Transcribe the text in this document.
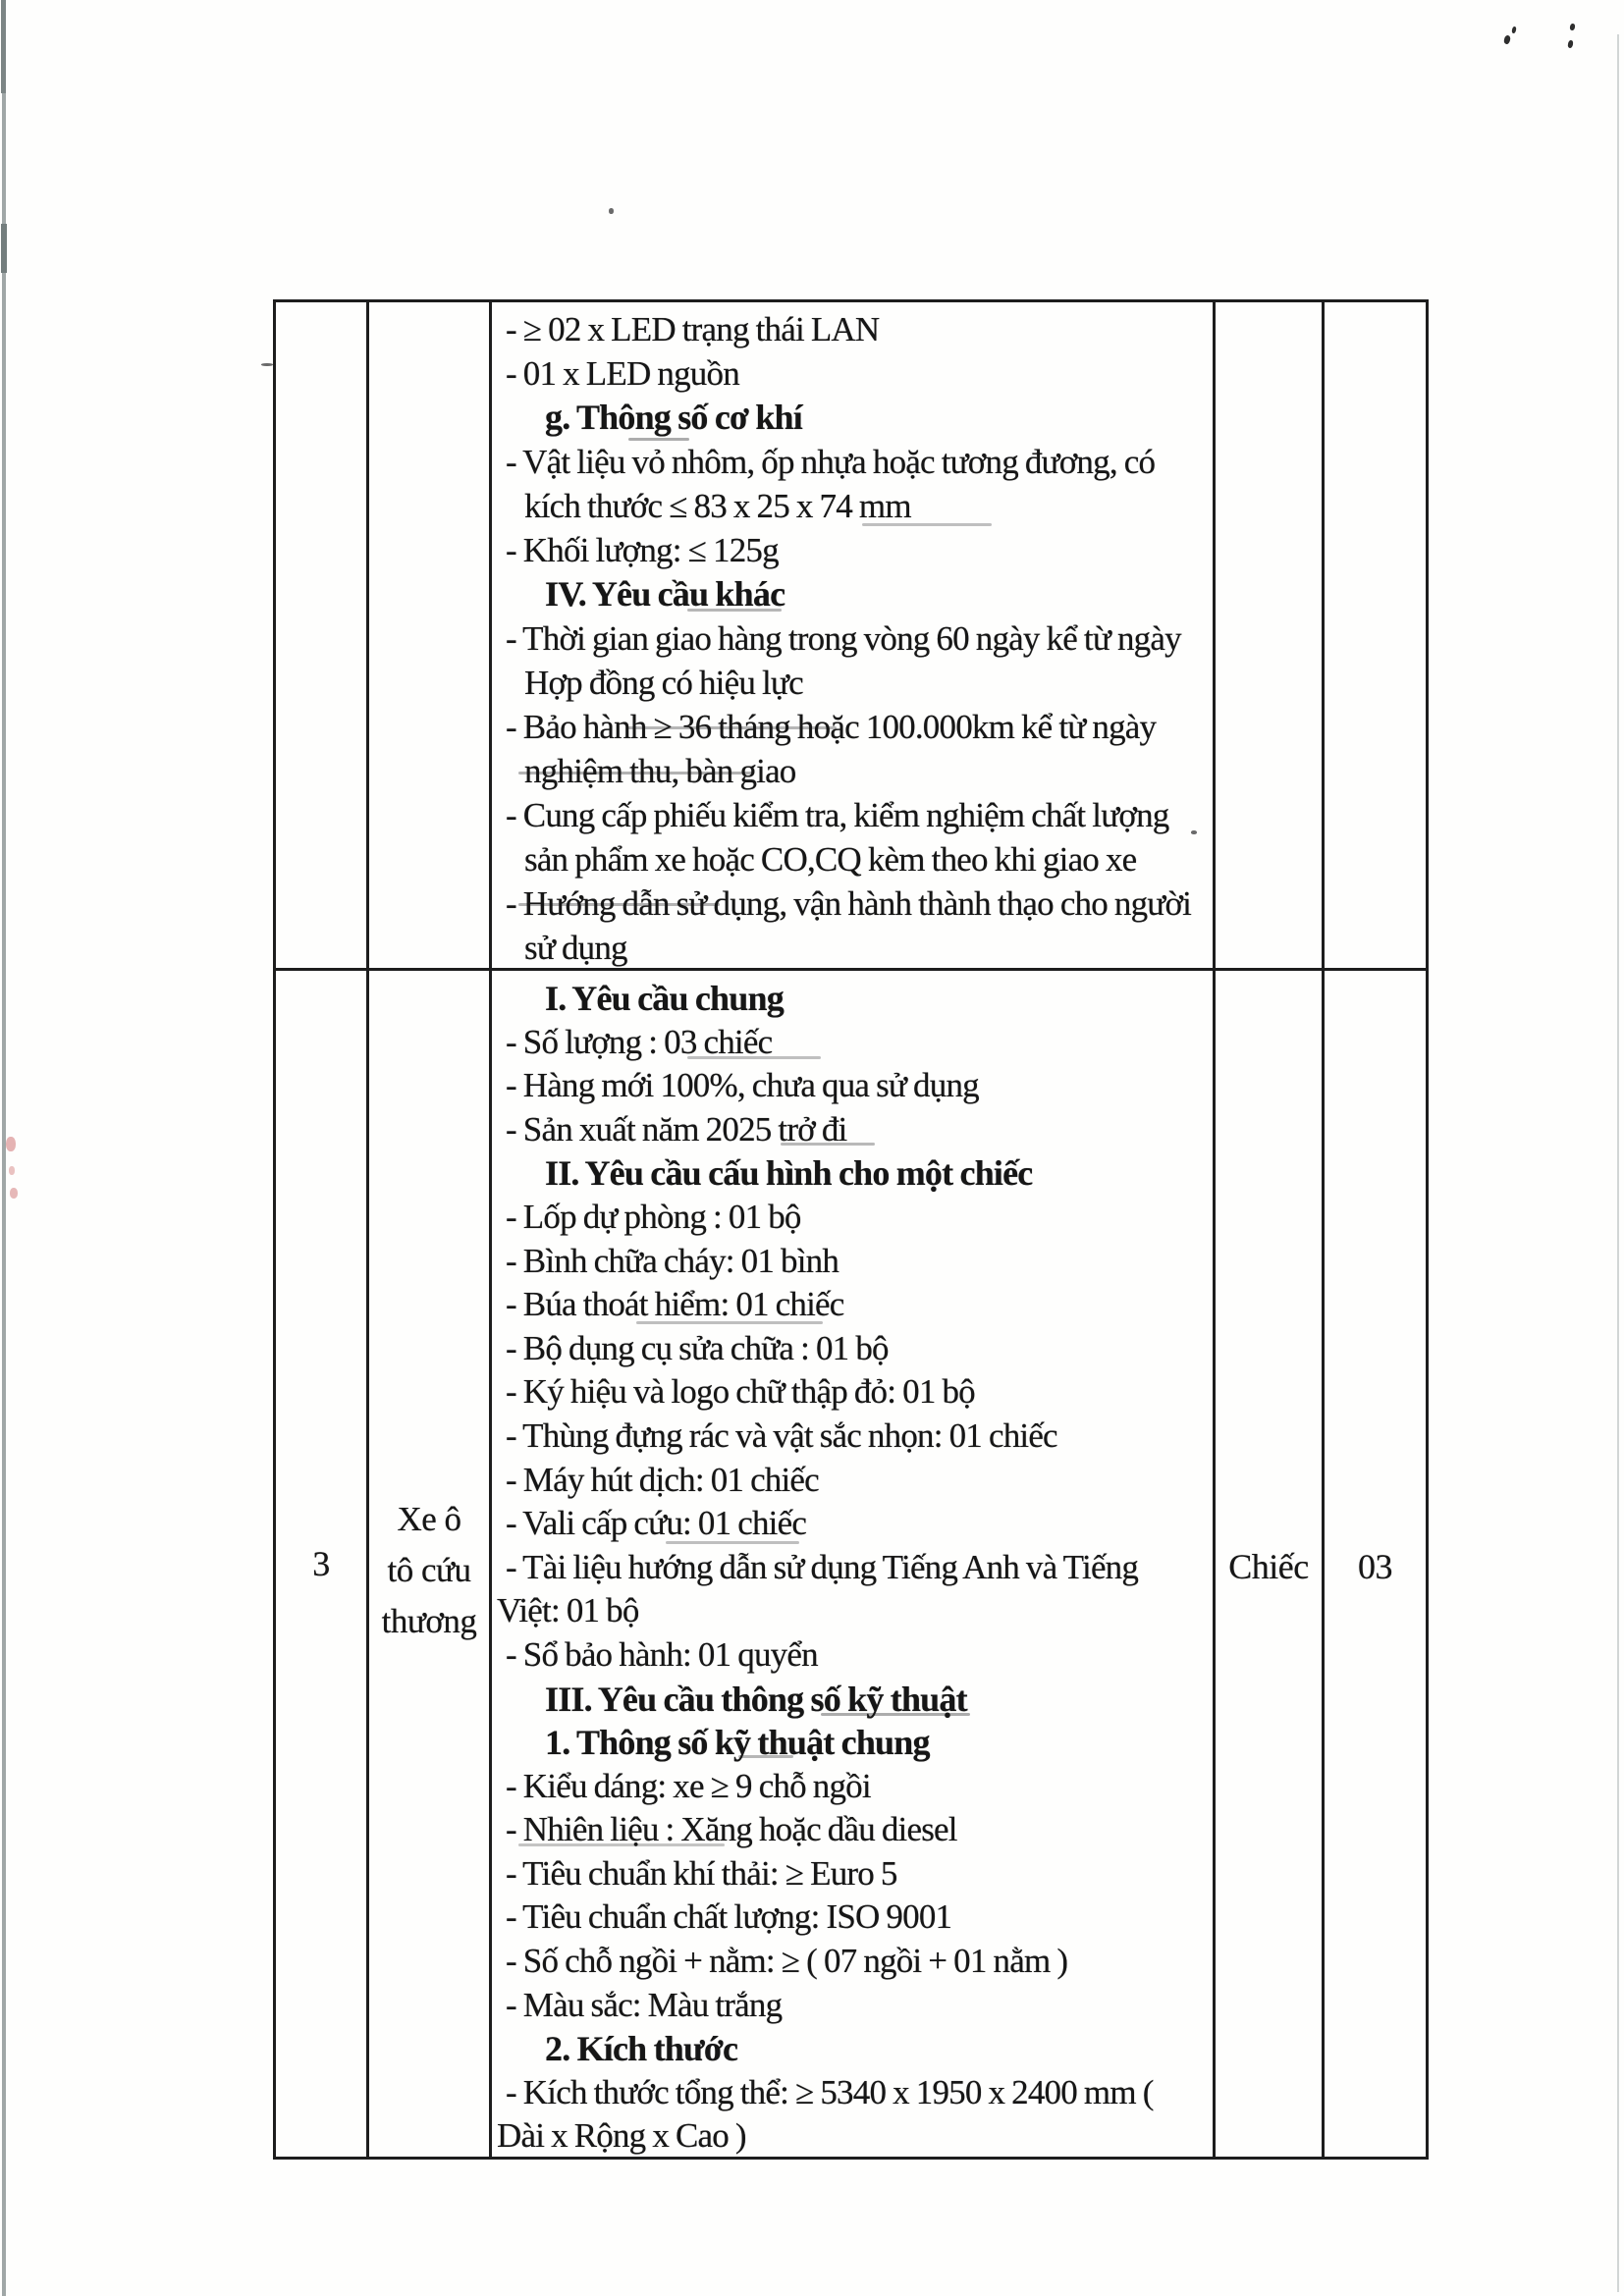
- ≥ 02 x LED trạng thái LAN
- 01 x LED nguồn
g. Thông số cơ khí
- Vật liệu vỏ nhôm, ốp nhựa hoặc tương đương, có
kích thước ≤ 83 x 25 x 74 mm
- Khối lượng: ≤ 125g
IV. Yêu cầu khác
- Thời gian giao hàng trong vòng 60 ngày kể từ ngày
Hợp đồng có hiệu lực
- Bảo hành ≥ 36 tháng hoặc 100.000km kể từ ngày
nghiệm thu, bàn giao
- Cung cấp phiếu kiểm tra, kiểm nghiệm chất lượng
sản phẩm xe hoặc CO,CQ kèm theo khi giao xe
- Hướng dẫn sử dụng, vận hành thành thạo cho người
sử dụng
3
Xe ô
tô cứu
thương
I. Yêu cầu chung
- Số lượng : 03 chiếc
- Hàng mới 100%, chưa qua sử dụng
- Sản xuất năm 2025 trở đi
II. Yêu cầu cấu hình cho một chiếc
- Lốp dự phòng : 01 bộ
- Bình chữa cháy: 01 bình
- Búa thoát hiểm: 01 chiếc
- Bộ dụng cụ sửa chữa : 01 bộ
- Ký hiệu và logo chữ thập đỏ: 01 bộ
- Thùng đựng rác và vật sắc nhọn: 01 chiếc
- Máy hút dịch: 01 chiếc
- Vali cấp cứu: 01 chiếc
- Tài liệu hướng dẫn sử dụng Tiếng Anh và Tiếng
Việt: 01 bộ
- Sổ bảo hành: 01 quyển
III. Yêu cầu thông số kỹ thuật
1. Thông số kỹ thuật chung
- Kiểu dáng: xe ≥ 9 chỗ ngồi
- Nhiên liệu : Xăng hoặc dầu diesel
- Tiêu chuẩn khí thải: ≥ Euro 5
- Tiêu chuẩn chất lượng: ISO 9001
- Số chỗ ngồi + nằm: ≥ ( 07 ngồi + 01 nằm )
- Màu sắc: Màu trắng
2. Kích thước
- Kích thước tổng thể: ≥ 5340 x 1950 x 2400 mm (
Dài x Rộng x Cao )
Chiếc 03
